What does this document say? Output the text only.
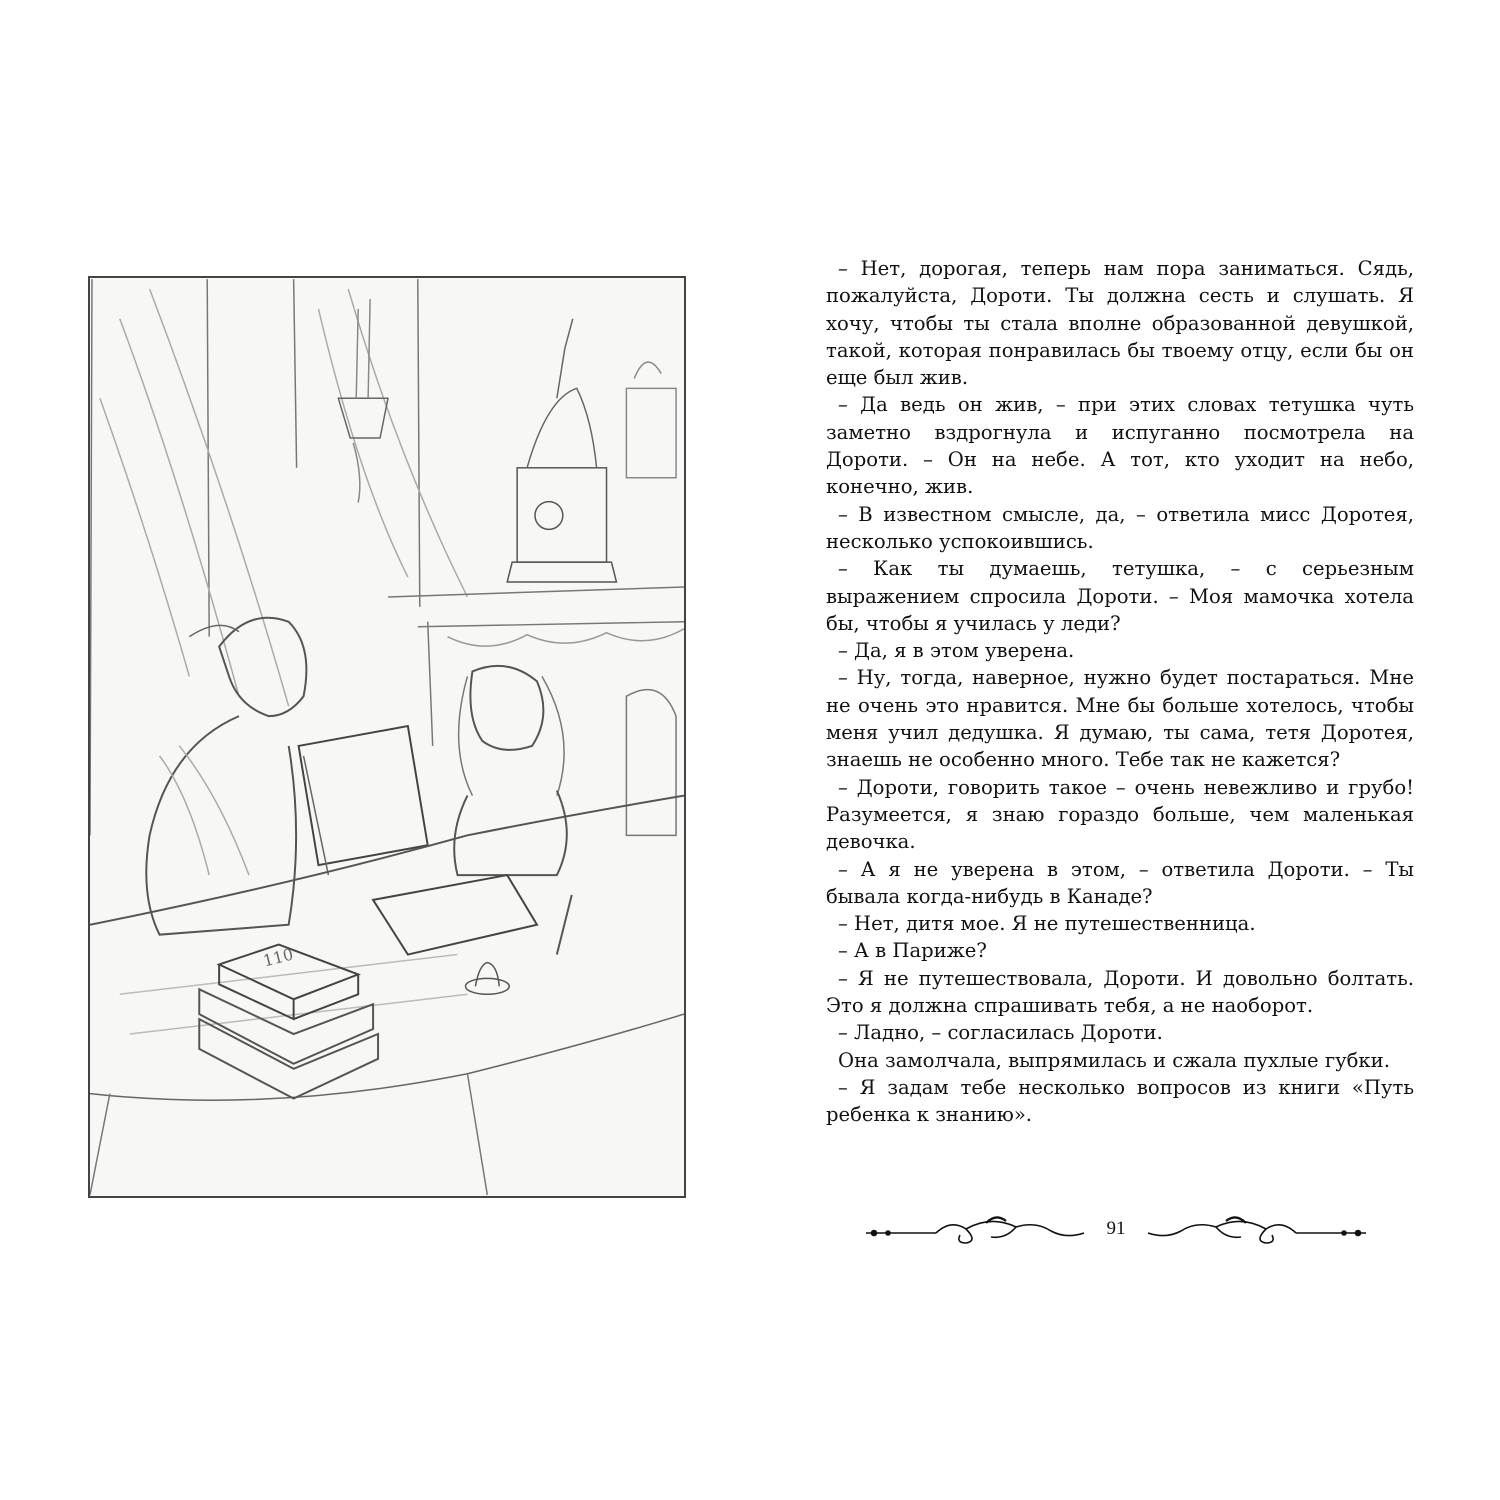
110

– Нет, дорогая, теперь нам пора заниматься. Сядь, пожалуйста, Дороти. Ты должна сесть и слушать. Я хочу, чтобы ты стала вполне образованной девушкой, такой, которая понравилась бы твоему отцу, если бы он еще был жив.

– Да ведь он жив, – при этих словах тетушка чуть заметно вздрогнула и испуганно посмотрела на Дороти. – Он на небе. А тот, кто уходит на небо, конечно, жив.

– В известном смысле, да, – ответила мисс Доротея, несколько успокоившись.

– Как ты думаешь, тетушка, – с серьезным выражением спросила Дороти. – Моя мамочка хотела бы, чтобы я училась у леди?

– Да, я в этом уверена.

– Ну, тогда, наверное, нужно будет постараться. Мне не очень это нравится. Мне бы больше хотелось, чтобы меня учил дедушка. Я думаю, ты сама, тетя Доротея, знаешь не особенно много. Тебе так не кажется?

– Дороти, говорить такое – очень невежливо и грубо! Разумеется, я знаю гораздо больше, чем маленькая девочка.

– А я не уверена в этом, – ответила Дороти. – Ты бывала когда-нибудь в Канаде?

– Нет, дитя мое. Я не путешественница.

– А в Париже?

– Я не путешествовала, Дороти. И довольно болтать. Это я должна спрашивать тебя, а не наоборот.

– Ладно, – согласилась Дороти.

Она замолчала, выпрямилась и сжала пухлые губки.

– Я задам тебе несколько вопросов из книги «Путь ребенка к знанию».

91
